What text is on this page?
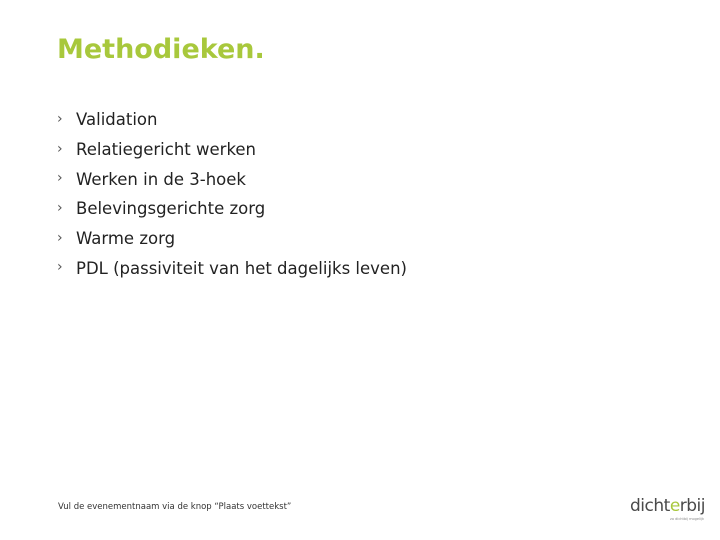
Methodieken.
› Validation
› Relatiegericht werken
› Werken in de 3-hoek
› Belevingsgerichte zorg
› Warme zorg
› PDL (passiviteit van het dagelijks leven)
Vul de evenementnaam via de knop “Plaats voettekst”	dichterbij
zo dichtbij mogelijk
